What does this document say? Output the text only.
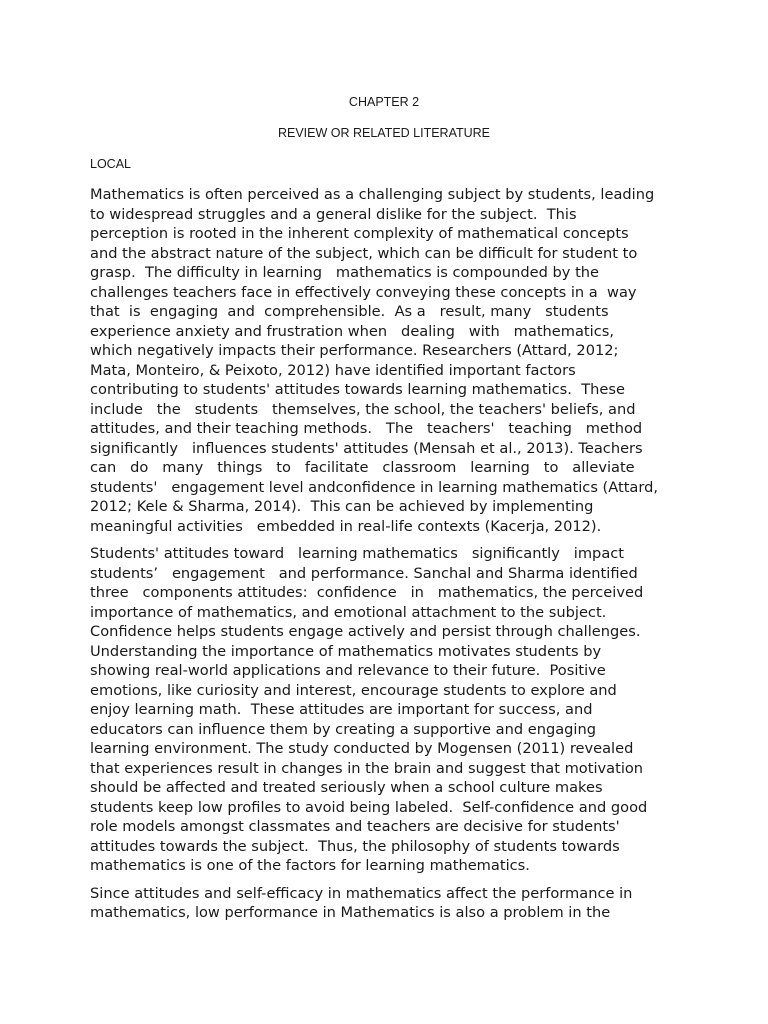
CHAPTER 2
REVIEW OR RELATED LITERATURE
LOCAL

Mathematics is often perceived as a challenging subject by students, leading
to widespread struggles and a general dislike for the subject.  This
perception is rooted in the inherent complexity of mathematical concepts
and the abstract nature of the subject, which can be difficult for student to
grasp.  The difficulty in learning   mathematics is compounded by the
challenges teachers face in effectively conveying these concepts in a  way
that  is  engaging  and  comprehensible.  As a   result, many   students
experience anxiety and frustration when   dealing   with   mathematics,
which negatively impacts their performance. Researchers (Attard, 2012;
Mata, Monteiro, & Peixoto, 2012) have identified important factors
contributing to students' attitudes towards learning mathematics.  These
include   the   students   themselves, the school, the teachers' beliefs, and
attitudes, and their teaching methods.   The   teachers'   teaching   method
significantly   influences students' attitudes (Mensah et al., 2013). Teachers
can   do   many   things   to   facilitate   classroom   learning   to   alleviate
students'   engagement level andconfidence in learning mathematics (Attard,
2012; Kele & Sharma, 2014).  This can be achieved by implementing
meaningful activities   embedded in real-life contexts (Kacerja, 2012).

Students' attitudes toward   learning mathematics   significantly   impact
students’   engagement   and performance. Sanchal and Sharma identified
three   components attitudes:  confidence   in   mathematics, the perceived
importance of mathematics, and emotional attachment to the subject.
Confidence helps students engage actively and persist through challenges.
Understanding the importance of mathematics motivates students by
showing real-world applications and relevance to their future.  Positive
emotions, like curiosity and interest, encourage students to explore and
enjoy learning math.  These attitudes are important for success, and
educators can influence them by creating a supportive and engaging
learning environment. The study conducted by Mogensen (2011) revealed
that experiences result in changes in the brain and suggest that motivation
should be affected and treated seriously when a school culture makes
students keep low profiles to avoid being labeled.  Self-confidence and good
role models amongst classmates and teachers are decisive for students'
attitudes towards the subject.  Thus, the philosophy of students towards
mathematics is one of the factors for learning mathematics.

Since attitudes and self-efficacy in mathematics affect the performance in
mathematics, low performance in Mathematics is also a problem in the
